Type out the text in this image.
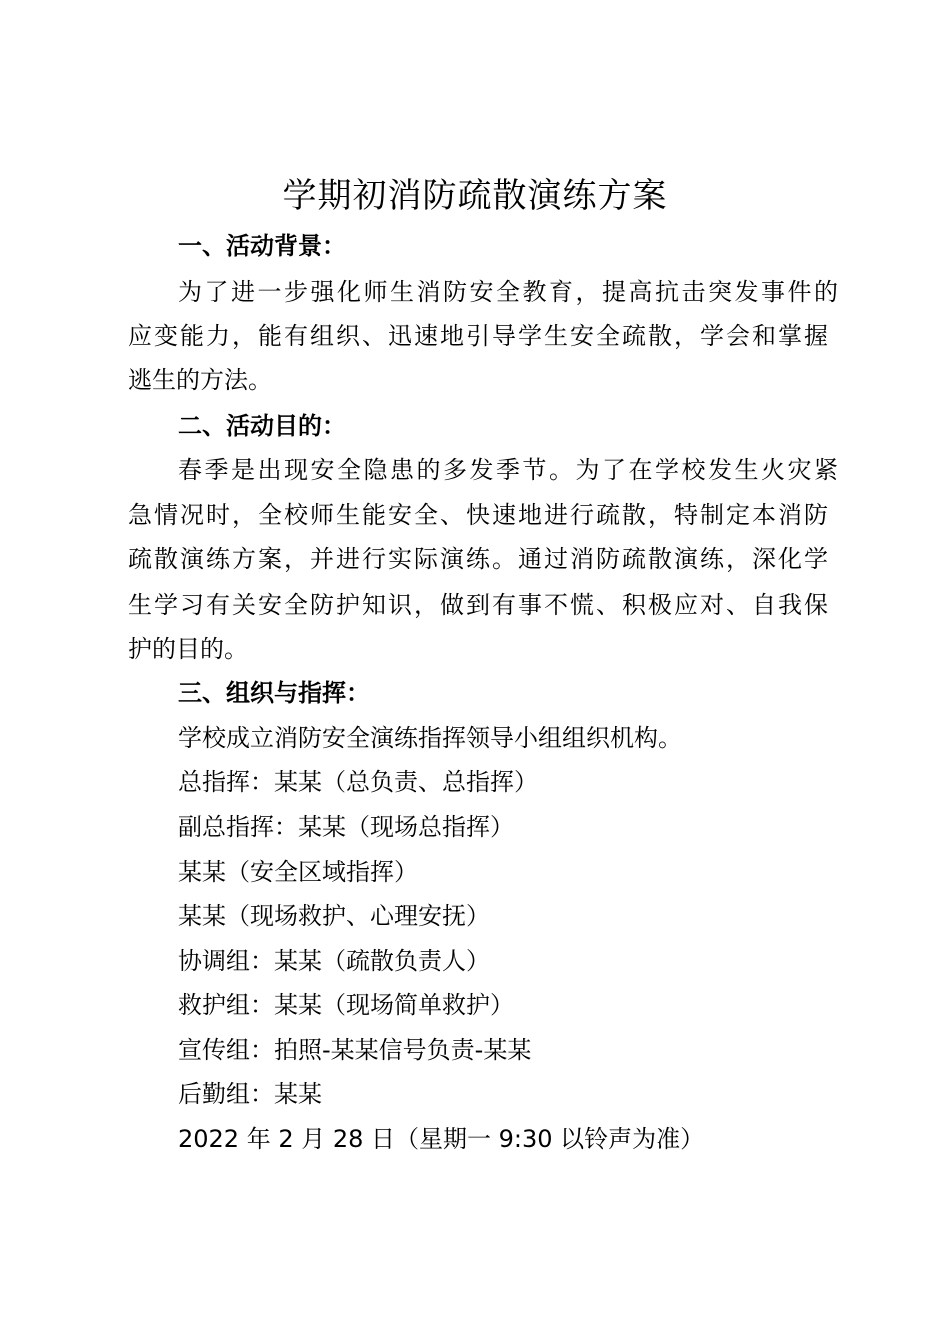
学期初消防疏散演练方案
一、活动背景：
为了进一步强化师生消防安全教育，提高抗击突发事件的
应变能力，能有组织、迅速地引导学生安全疏散，学会和掌握
逃生的方法。
二、活动目的：
春季是出现安全隐患的多发季节。为了在学校发生火灾紧
急情况时，全校师生能安全、快速地进行疏散，特制定本消防
疏散演练方案，并进行实际演练。通过消防疏散演练，深化学
生学习有关安全防护知识，做到有事不慌、积极应对、自我保
护的目的。
三、组织与指挥：
学校成立消防安全演练指挥领导小组组织机构。
总指挥：某某（总负责、总指挥）
副总指挥：某某（现场总指挥）
某某（安全区域指挥）
某某（现场救护、心理安抚）
协调组：某某（疏散负责人）
救护组：某某（现场简单救护）
宣传组：拍照-某某信号负责-某某
后勤组：某某
2022 年 2 月 28 日（星期一 9:30 以铃声为准）
